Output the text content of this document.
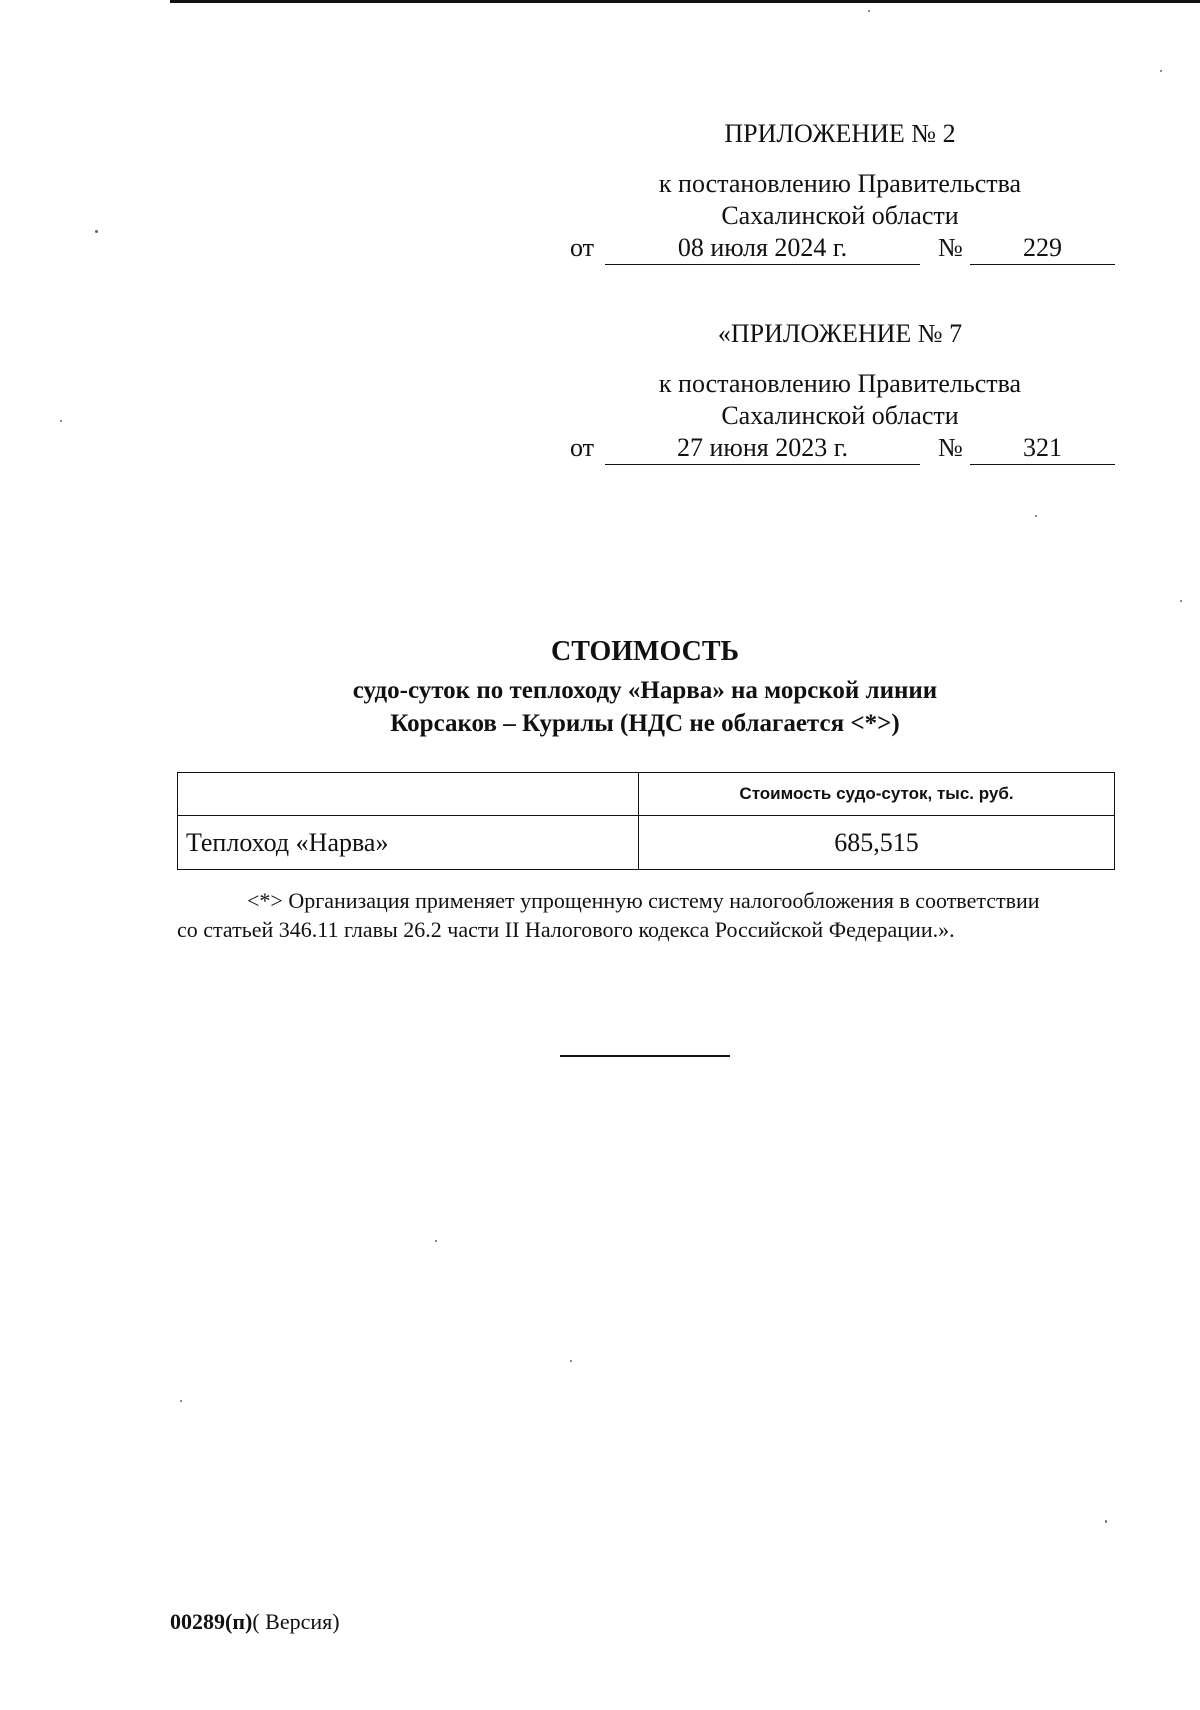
ПРИЛОЖЕНИЕ № 2
к постановлению Правительства
Сахалинской области
от	08 июля 2024 г.	№	229
«ПРИЛОЖЕНИЕ № 7
к постановлению Правительства
Сахалинской области
от	27 июня 2023 г.	№	321
СТОИМОСТЬ
судо-суток по теплоходу «Нарва» на морской линии
Корсаков – Курилы (НДС не облагается <*>)
	Стоимость судо-суток, тыс. руб.
Теплоход «Нарва»	685,515
<*> Организация применяет упрощенную систему налогообложения в соответствии
со статьей 346.11 главы 26.2 части II Налогового кодекса Российской Федерации.».
00289(п)( Версия)
